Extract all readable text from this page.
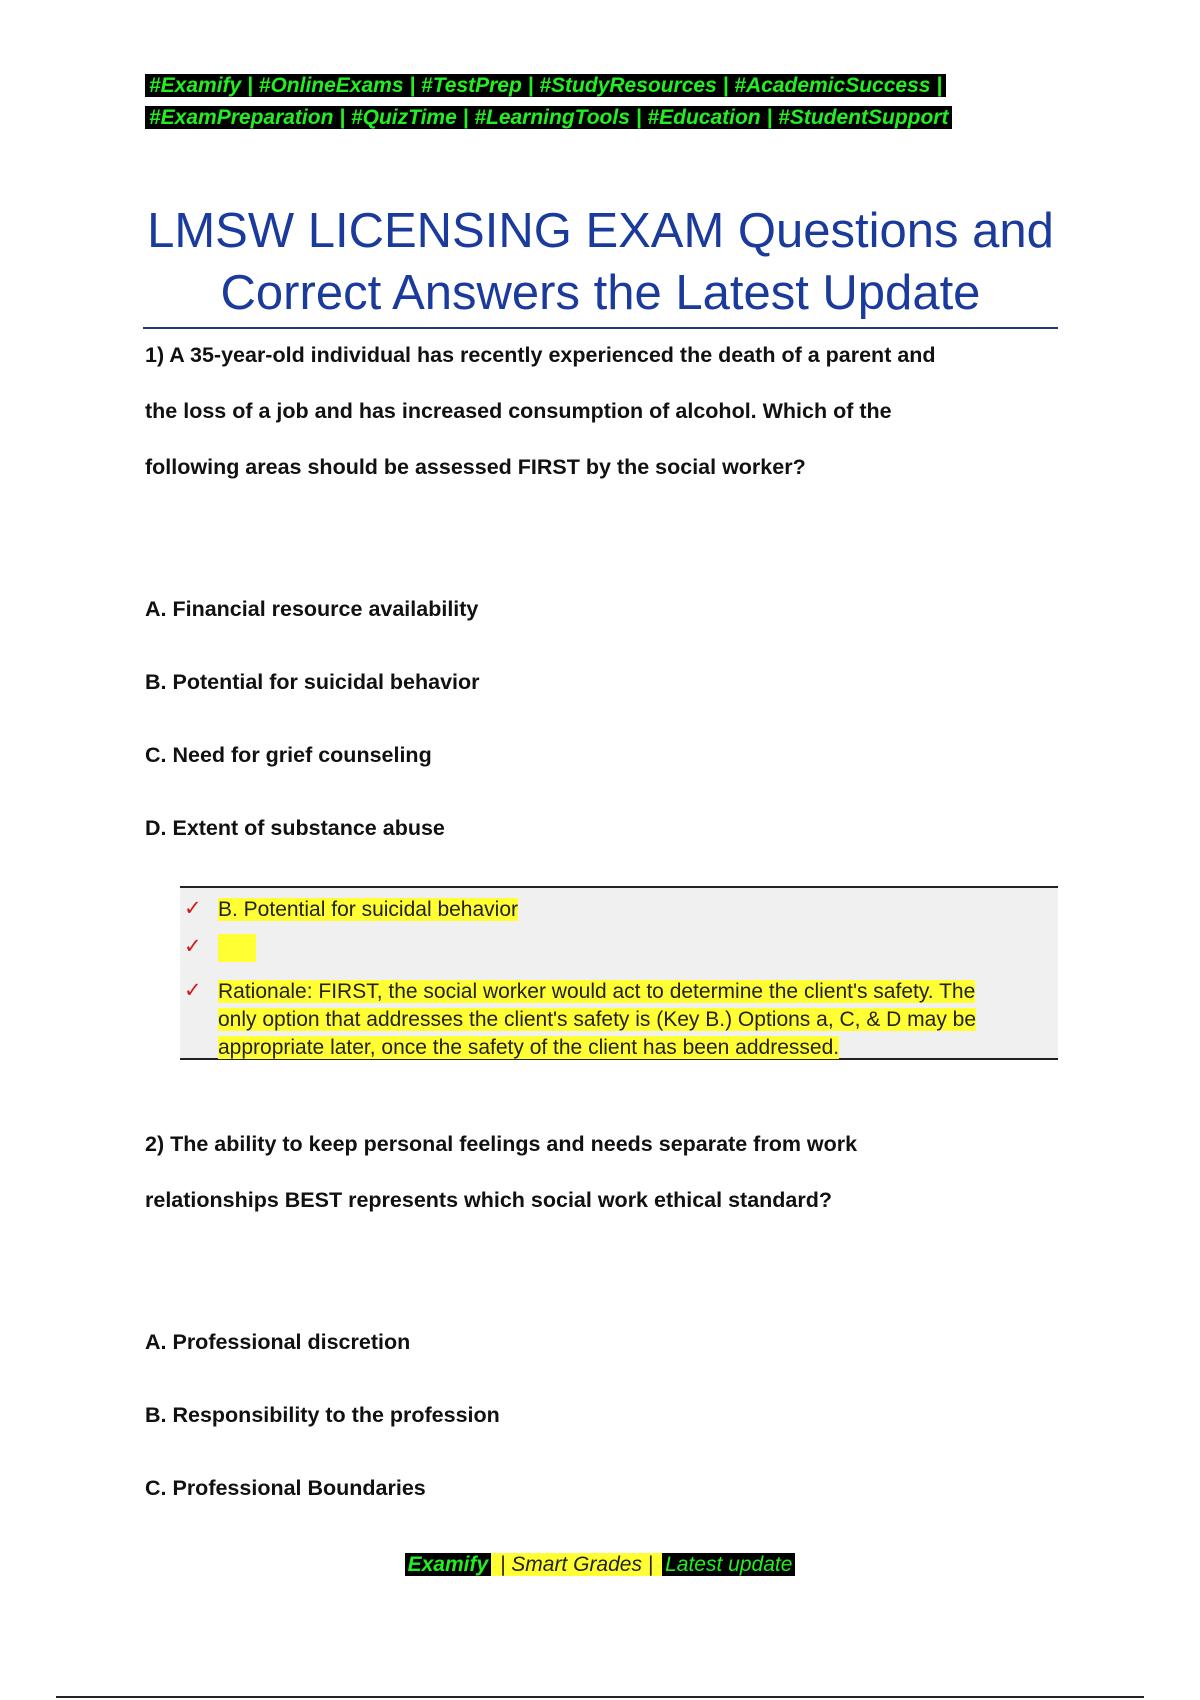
#Examify | #OnlineExams | #TestPrep | #StudyResources | #AcademicSuccess |
#ExamPreparation | #QuizTime | #LearningTools | #Education | #StudentSupport
LMSW LICENSING EXAM Questions and
Correct Answers the Latest Update
1) A 35-year-old individual has recently experienced the death of a parent and
the loss of a job and has increased consumption of alcohol. Which of the
following areas should be assessed FIRST by the social worker?
A. Financial resource availability
B. Potential for suicidal behavior
C. Need for grief counseling
D. Extent of substance abuse
✓ B. Potential for suicidal behavior
✓
✓ Rationale: FIRST, the social worker would act to determine the client's safety. The
only option that addresses the client's safety is (Key B.) Options a, C, & D may be
appropriate later, once the safety of the client has been addressed.
2) The ability to keep personal feelings and needs separate from work
relationships BEST represents which social work ethical standard?
A. Professional discretion
B. Responsibility to the profession
C. Professional Boundaries
Examify | Smart Grades | Latest update
